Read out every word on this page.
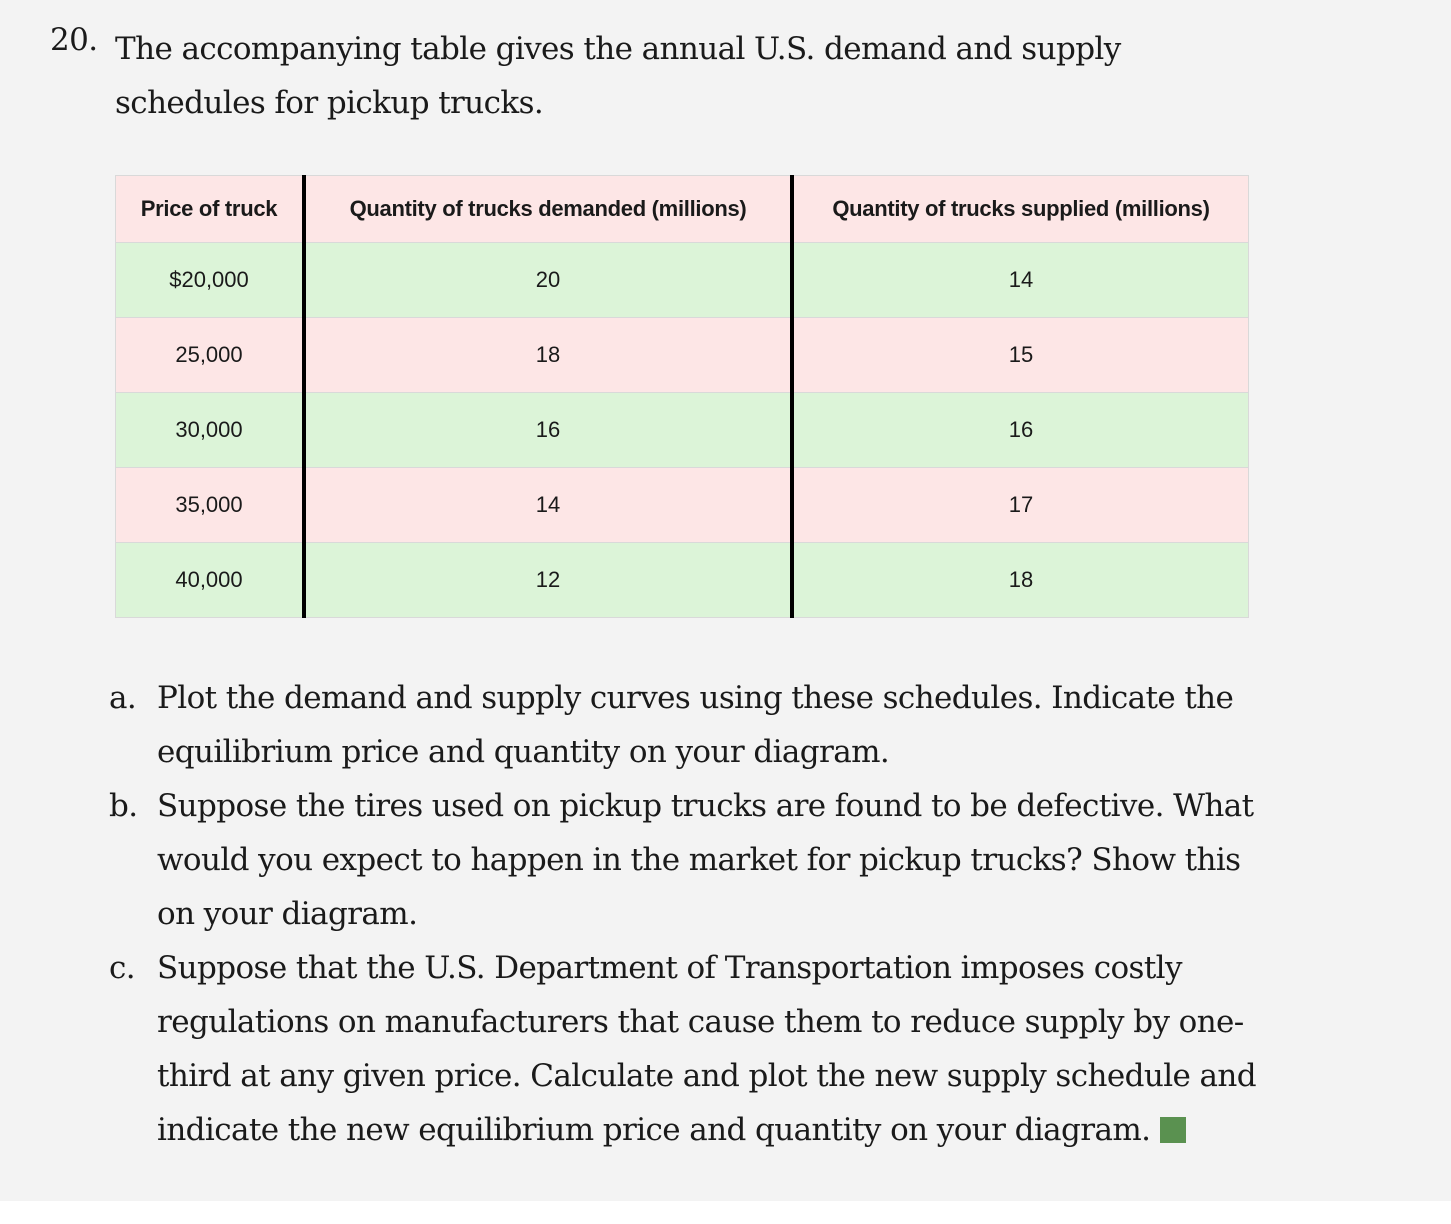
20. The accompanying table gives the annual U.S. demand and supply schedules for pickup trucks.

Price of truck	Quantity of trucks demanded (millions)	Quantity of trucks supplied (millions)
$20,000	20	14
25,000	18	15
30,000	16	16
35,000	14	17
40,000	12	18
a. Plot the demand and supply curves using these schedules. Indicate the equilibrium price and quantity on your diagram.
b. Suppose the tires used on pickup trucks are found to be defective. What would you expect to happen in the market for pickup trucks? Show this on your diagram.
c. Suppose that the U.S. Department of Transportation imposes costly regulations on manufacturers that cause them to reduce supply by one-third at any given price. Calculate and plot the new supply schedule and indicate the new equilibrium price and quantity on your diagram.
